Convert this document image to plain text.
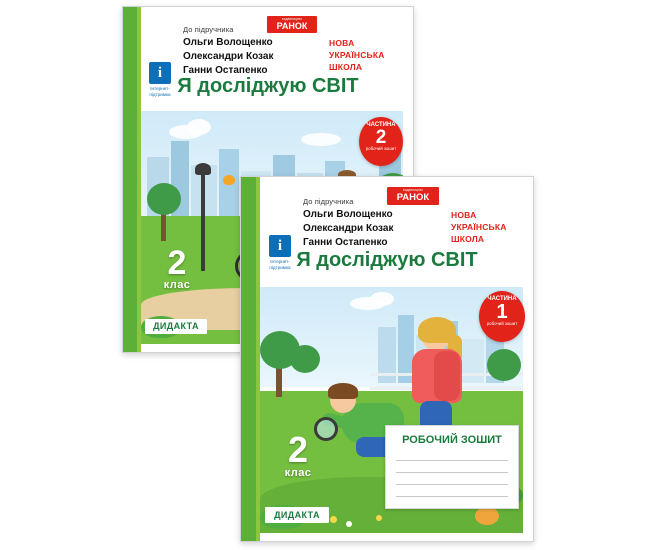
видавництво
РАНОК
До підручника
Ольги Волощенко
Олександри Козак
Ганни Остапенко
НОВА
УКРАЇНСЬКА
ШКОЛА
i
Інтернет-
підтримка Я досліджую СВІТ
ЧАСТИНА
2
робочий зошит
2
клас
ДИДАКТА
видавництво
РАНОК
До підручника
Ольги Волощенко
Олександри Козак
Ганни Остапенко
НОВА
УКРАЇНСЬКА
ШКОЛА
i
Інтернет-
підтримка Я досліджую СВІТ
ЧАСТИНА
1
робочий зошит
РОБОЧИЙ ЗОШИТ
2
клас
ДИДАКТА
